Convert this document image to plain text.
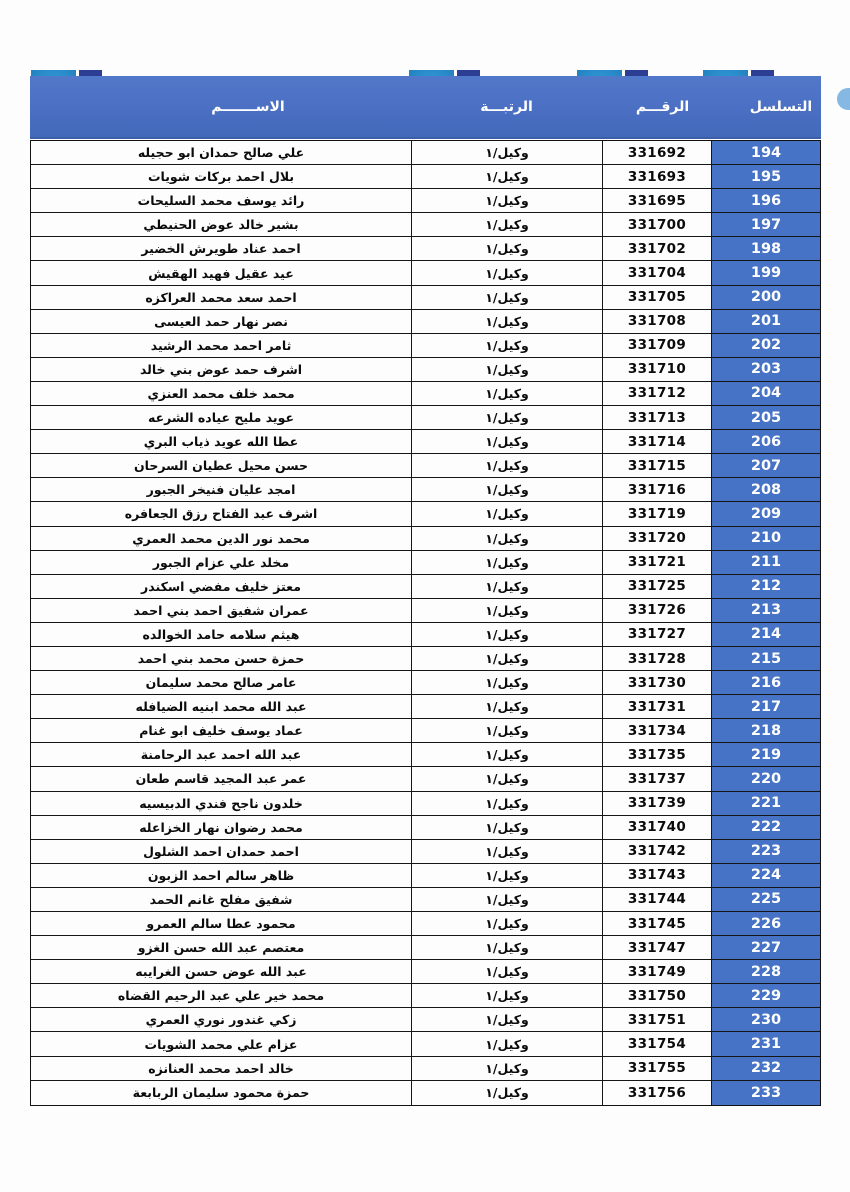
الاســـــــم	الرتبـــة	الرقـــم	التسلسل
علي صالح حمدان ابو حجيله	وكيل/١	331692	194
بلال احمد بركات شويات	وكيل/١	331693	195
رائد يوسف محمد السليحات	وكيل/١	331695	196
بشير خالد عوض الحنيطي	وكيل/١	331700	197
احمد عناد طويرش الخضير	وكيل/١	331702	198
عيد عقيل فهيد الهقيش	وكيل/١	331704	199
احمد سعد محمد العراكزه	وكيل/١	331705	200
نصر نهار حمد العيسى	وكيل/١	331708	201
ثامر احمد محمد الرشيد	وكيل/١	331709	202
اشرف حمد عوض بني خالد	وكيل/١	331710	203
محمد خلف محمد العنزي	وكيل/١	331712	204
عويد مليح عياده الشرعه	وكيل/١	331713	205
عطا الله عويد ذياب البري	وكيل/١	331714	206
حسن محيل عطيان السرحان	وكيل/١	331715	207
امجد عليان فنيخر الجبور	وكيل/١	331716	208
اشرف عبد الفتاح رزق الجعافره	وكيل/١	331719	209
محمد نور الدين محمد العمري	وكيل/١	331720	210
مخلد علي عزام الجبور	وكيل/١	331721	211
معتز خليف مفضي اسكندر	وكيل/١	331725	212
عمران شفيق احمد بني احمد	وكيل/١	331726	213
هيثم سلامه حامد الخوالده	وكيل/١	331727	214
حمزة حسن محمد بني احمد	وكيل/١	331728	215
عامر صالح محمد سليمان	وكيل/١	331730	216
عبد الله محمد ابنيه الضيافله	وكيل/١	331731	217
عماد يوسف خليف ابو غنام	وكيل/١	331734	218
عبد الله احمد عبد الرحامنة	وكيل/١	331735	219
عمر عبد المجيد قاسم طعان	وكيل/١	331737	220
خلدون ناجح فندي الدبيسيه	وكيل/١	331739	221
محمد رضوان نهار الخزاعله	وكيل/١	331740	222
احمد حمدان احمد الشلول	وكيل/١	331742	223
ظاهر سالم احمد الزبون	وكيل/١	331743	224
شفيق مفلح غانم الحمد	وكيل/١	331744	225
محمود عطا سالم العمرو	وكيل/١	331745	226
معتصم عبد الله حسن الغزو	وكيل/١	331747	227
عبد الله عوض حسن الغرايبه	وكيل/١	331749	228
محمد خير علي عبد الرحيم القضاه	وكيل/١	331750	229
زكي غندور نوري العمري	وكيل/١	331751	230
عزام علي محمد الشويات	وكيل/١	331754	231
خالد احمد محمد العنانزه	وكيل/١	331755	232
حمزة محمود سليمان الربابعة	وكيل/١	331756	233
